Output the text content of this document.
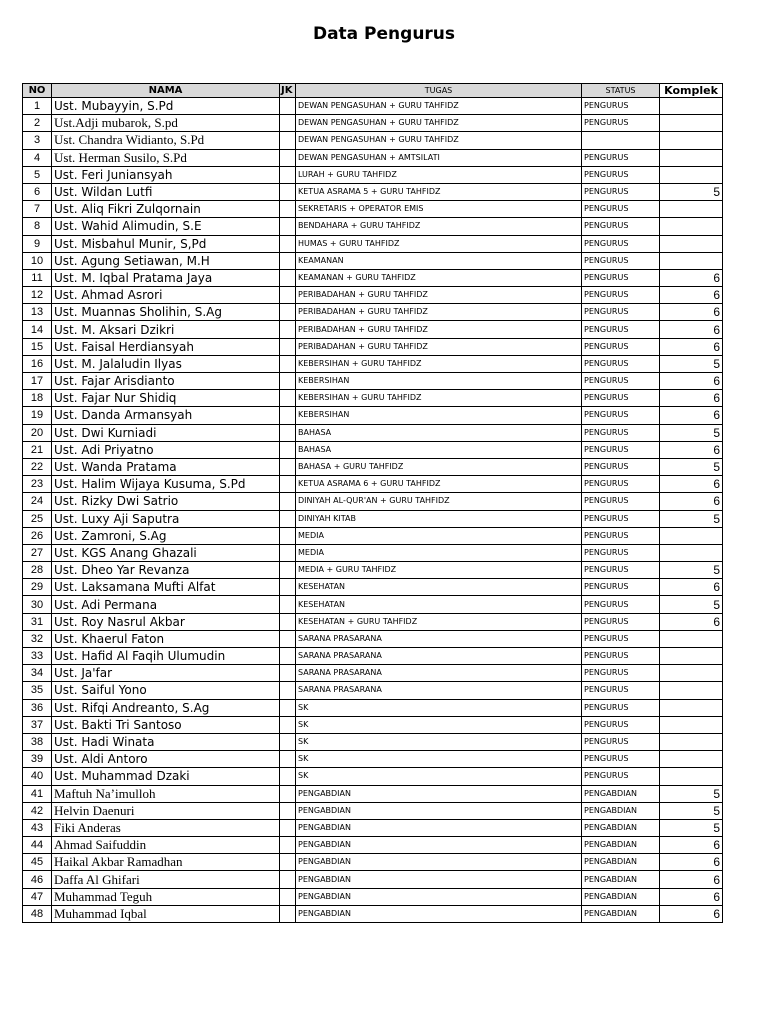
Data Pengurus
NO	NAMA	JK	TUGAS	STATUS	Komplek
1	Ust. Mubayyin, S.Pd		DEWAN PENGASUHAN + GURU TAHFIDZ	PENGURUS	
2	Ust.Adji mubarok, S.pd		DEWAN PENGASUHAN + GURU TAHFIDZ	PENGURUS	
3	Ust. Chandra Widianto, S.Pd		DEWAN PENGASUHAN + GURU TAHFIDZ		
4	Ust. Herman Susilo, S.Pd		DEWAN PENGASUHAN + AMTSILATI	PENGURUS	
5	Ust. Feri Juniansyah		LURAH + GURU TAHFIDZ	PENGURUS	
6	Ust. Wildan Lutfi		KETUA ASRAMA 5 + GURU TAHFIDZ	PENGURUS	5
7	Ust. Aliq Fikri Zulqornain		SEKRETARIS + OPERATOR EMIS	PENGURUS	
8	Ust. Wahid Alimudin, S.E		BENDAHARA + GURU TAHFIDZ	PENGURUS	
9	Ust. Misbahul Munir, S,Pd		HUMAS + GURU TAHFIDZ	PENGURUS	
10	Ust. Agung Setiawan, M.H		KEAMANAN	PENGURUS	
11	Ust. M. Iqbal Pratama Jaya		KEAMANAN + GURU TAHFIDZ	PENGURUS	6
12	Ust. Ahmad Asrori		PERIBADAHAN + GURU TAHFIDZ	PENGURUS	6
13	Ust. Muannas Sholihin, S.Ag		PERIBADAHAN + GURU TAHFIDZ	PENGURUS	6
14	Ust. M. Aksari Dzikri		PERIBADAHAN + GURU TAHFIDZ	PENGURUS	6
15	Ust. Faisal Herdiansyah		PERIBADAHAN + GURU TAHFIDZ	PENGURUS	6
16	Ust. M. Jalaludin Ilyas		KEBERSIHAN + GURU TAHFIDZ	PENGURUS	5
17	Ust. Fajar Arisdianto		KEBERSIHAN	PENGURUS	6
18	Ust. Fajar Nur Shidiq		KEBERSIHAN + GURU TAHFIDZ	PENGURUS	6
19	Ust. Danda Armansyah		KEBERSIHAN	PENGURUS	6
20	Ust. Dwi Kurniadi		BAHASA	PENGURUS	5
21	Ust. Adi Priyatno		BAHASA	PENGURUS	6
22	Ust. Wanda Pratama		BAHASA + GURU TAHFIDZ	PENGURUS	5
23	Ust. Halim Wijaya Kusuma, S.Pd		KETUA ASRAMA 6 + GURU TAHFIDZ	PENGURUS	6
24	Ust. Rizky Dwi Satrio		DINIYAH AL-QUR'AN + GURU TAHFIDZ	PENGURUS	6
25	Ust. Luxy Aji Saputra		DINIYAH KITAB	PENGURUS	5
26	Ust. Zamroni, S.Ag		MEDIA	PENGURUS	
27	Ust. KGS Anang Ghazali		MEDIA	PENGURUS	
28	Ust. Dheo Yar Revanza		MEDIA + GURU TAHFIDZ	PENGURUS	5
29	Ust. Laksamana Mufti Alfat		KESEHATAN	PENGURUS	6
30	Ust. Adi Permana		KESEHATAN	PENGURUS	5
31	Ust. Roy Nasrul Akbar		KESEHATAN + GURU TAHFIDZ	PENGURUS	6
32	Ust. Khaerul Faton		SARANA PRASARANA	PENGURUS	
33	Ust. Hafid Al Faqih Ulumudin		SARANA PRASARANA	PENGURUS	
34	Ust. Ja'far		SARANA PRASARANA	PENGURUS	
35	Ust. Saiful Yono		SARANA PRASARANA	PENGURUS	
36	Ust. Rifqi Andreanto, S.Ag		SK	PENGURUS	
37	Ust. Bakti Tri Santoso		SK	PENGURUS	
38	Ust. Hadi Winata		SK	PENGURUS	
39	Ust. Aldi Antoro		SK	PENGURUS	
40	Ust. Muhammad Dzaki		SK	PENGURUS	
41	Maftuh Na’imulloh		PENGABDIAN	PENGABDIAN	5
42	Helvin Daenuri		PENGABDIAN	PENGABDIAN	5
43	Fiki Anderas		PENGABDIAN	PENGABDIAN	5
44	Ahmad Saifuddin		PENGABDIAN	PENGABDIAN	6
45	Haikal Akbar Ramadhan		PENGABDIAN	PENGABDIAN	6
46	Daffa Al Ghifari		PENGABDIAN	PENGABDIAN	6
47	Muhammad Teguh		PENGABDIAN	PENGABDIAN	6
48	Muhammad Iqbal		PENGABDIAN	PENGABDIAN	6
